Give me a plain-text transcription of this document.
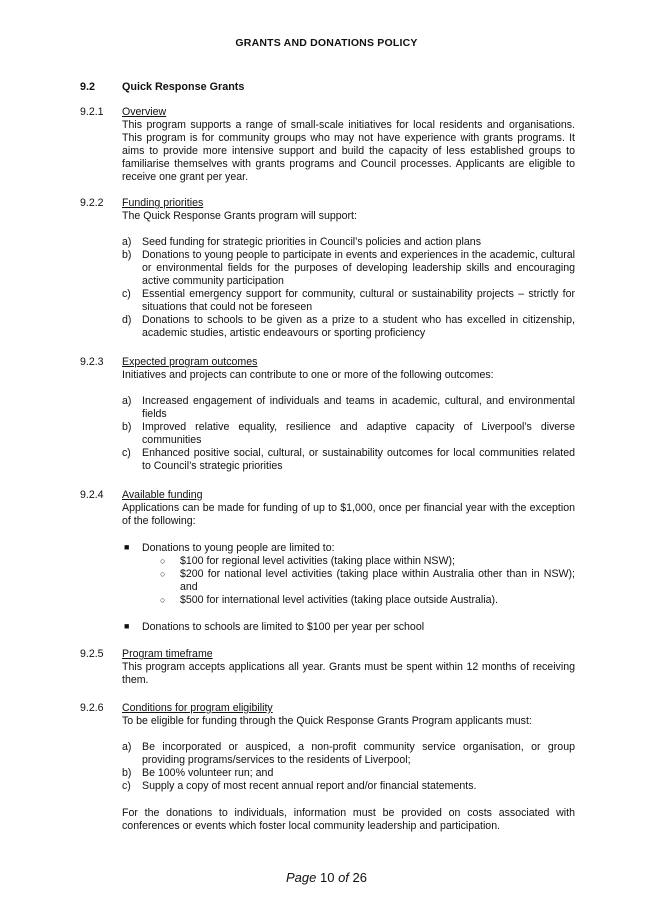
GRANTS AND DONATIONS POLICY
9.2	Quick Response Grants
9.2.1	Overview
This program supports a range of small-scale initiatives for local residents and organisations. This program is for community groups who may not have experience with grants programs. It aims to provide more intensive support and build the capacity of less established groups to familiarise themselves with grants programs and Council processes. Applicants are eligible to receive one grant per year.
9.2.2	Funding priorities
The Quick Response Grants program will support:
a) Seed funding for strategic priorities in Council’s policies and action plans
b) Donations to young people to participate in events and experiences in the academic, cultural or environmental fields for the purposes of developing leadership skills and encouraging active community participation
c) Essential emergency support for community, cultural or sustainability projects – strictly for situations that could not be foreseen
d) Donations to schools to be given as a prize to a student who has excelled in citizenship, academic studies, artistic endeavours or sporting proficiency
9.2.3	Expected program outcomes
Initiatives and projects can contribute to one or more of the following outcomes:
a) Increased engagement of individuals and teams in academic, cultural, and environmental fields
b) Improved relative equality, resilience and adaptive capacity of Liverpool’s diverse communities
c) Enhanced positive social, cultural, or sustainability outcomes for local communities related to Council’s strategic priorities
9.2.4	Available funding
Applications can be made for funding of up to $1,000, once per financial year with the exception of the following:
■ Donations to young people are limited to:
○ $100 for regional level activities (taking place within NSW);
○ $200 for national level activities (taking place within Australia other than in NSW); and
○ $500 for international level activities (taking place outside Australia).
■ Donations to schools are limited to $100 per year per school
9.2.5	Program timeframe
This program accepts applications all year. Grants must be spent within 12 months of receiving them.
9.2.6	Conditions for program eligibility
To be eligible for funding through the Quick Response Grants Program applicants must:
a) Be incorporated or auspiced, a non-profit community service organisation, or group providing programs/services to the residents of Liverpool;
b) Be 100% volunteer run; and
c) Supply a copy of most recent annual report and/or financial statements.
For the donations to individuals, information must be provided on costs associated with conferences or events which foster local community leadership and participation.
Page 10 of 26
